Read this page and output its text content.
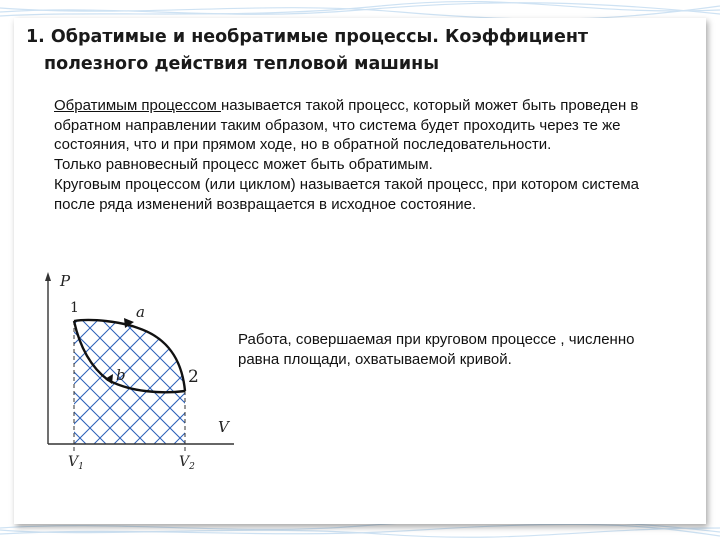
1. Обратимые и необратимые процессы. Коэффициент
полезного действия тепловой машины

Обратимым процессом называется такой процесс, который может быть проведен в обратном направлении таким образом, что система будет проходить через те же состояния, что и при прямом ходе, но в обратной последовательности.

Только равновесный процесс может быть обратимым.

Круговым процессом (или циклом) называется такой процесс, при котором система после ряда изменений возвращается в исходное состояние.

P
V
1
2
a
b
$V_1$	$V_2$
Работа, совершаемая при круговом процессе , численно равна площади, охватываемой кривой.
